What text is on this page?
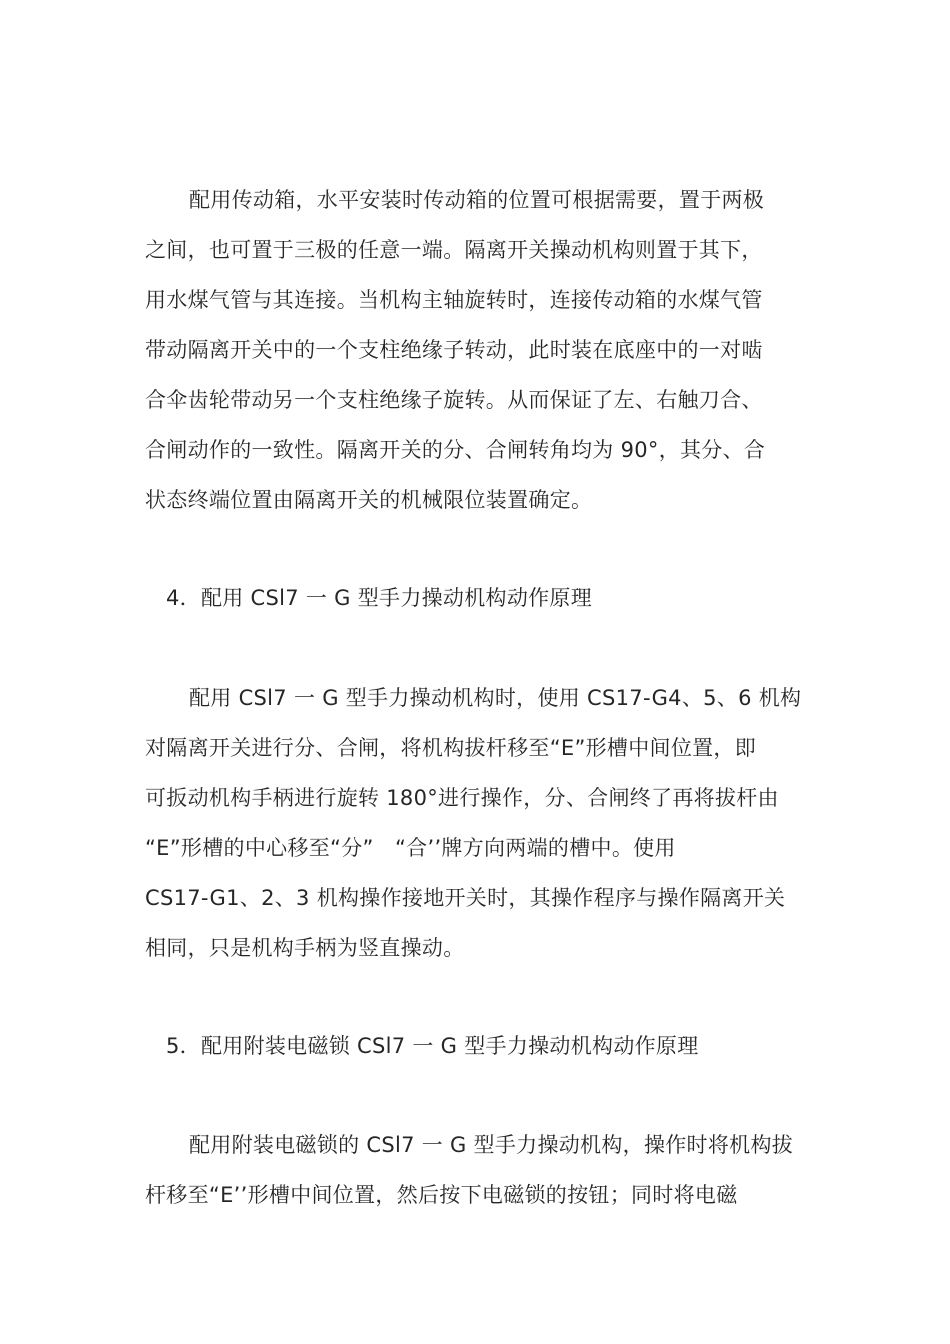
配用传动箱，水平安装时传动箱的位置可根据需要，置于两极
之间，也可置于三极的任意一端。隔离开关操动机构则置于其下，
用水煤气管与其连接。当机构主轴旋转时，连接传动箱的水煤气管
带动隔离开关中的一个支柱绝缘子转动，此时装在底座中的一对啮
合伞齿轮带动另一个支柱绝缘子旋转。从而保证了左、右触刀合、
合闸动作的一致性。隔离开关的分、合闸转角均为 90°，其分、合
状态终端位置由隔离开关的机械限位装置确定。
4．配用 CSl7 一 G 型手力操动机构动作原理
配用 CSl7 一 G 型手力操动机构时，使用 CS17-G4、5、6 机构
对隔离开关进行分、合闸，将机构拔杆移至“E”形槽中间位置，即
可扳动机构手柄进行旋转 180°进行操作，分、合闸终了再将拔杆由
“E”形槽的中心移至“分”　“合’’牌方向两端的槽中。使用
CS17-G1、2、3 机构操作接地开关时，其操作程序与操作隔离开关
相同，只是机构手柄为竖直操动。
5．配用附装电磁锁 CSl7 一 G 型手力操动机构动作原理
配用附装电磁锁的 CSl7 一 G 型手力操动机构，操作时将机构拔
杆移至“E’’形槽中间位置，然后按下电磁锁的按钮；同时将电磁
